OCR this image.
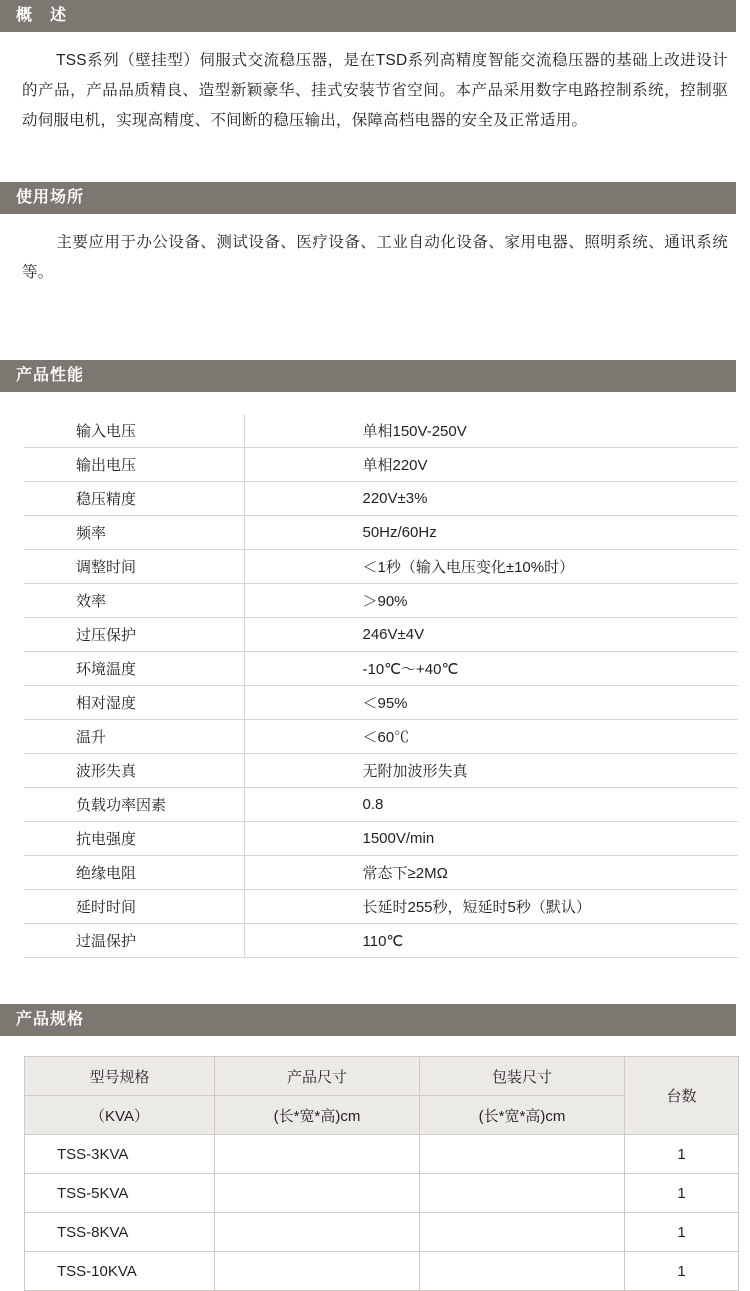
概　述

TSS系列（壁挂型）伺服式交流稳压器，是在TSD系列高精度智能交流稳压器的基础上改进设计的产品，产品品质精良、造型新颖豪华、挂式安装节省空间。本产品采用数字电路控制系统，控制驱动伺服电机，实现高精度、不间断的稳压输出，保障高档电器的安全及正常适用。

使用场所

主要应用于办公设备、测试设备、医疗设备、工业自动化设备、家用电器、照明系统、通讯系统等。

产品性能
输入电压	单相150V-250V
输出电压	单相220V
稳压精度	220V±3%
频率	50Hz/60Hz
调整时间	＜1秒（输入电压变化±10%时）
效率	＞90%
过压保护	246V±4V
环境温度	-10℃～+40℃
相对湿度	＜95%
温升	＜60℃
波形失真	无附加波形失真
负载功率因素	0.8
抗电强度	1500V/min
绝缘电阻	常态下≥2MΩ
延时时间	长延时255秒，短延时5秒（默认）
过温保护	110℃
产品规格
型号规格	产品尺寸	包装尺寸	台数
（KVA）	(长*宽*高)cm	(长*宽*高)cm	
TSS-3KVA			1
TSS-5KVA			1
TSS-8KVA			1
TSS-10KVA			1
